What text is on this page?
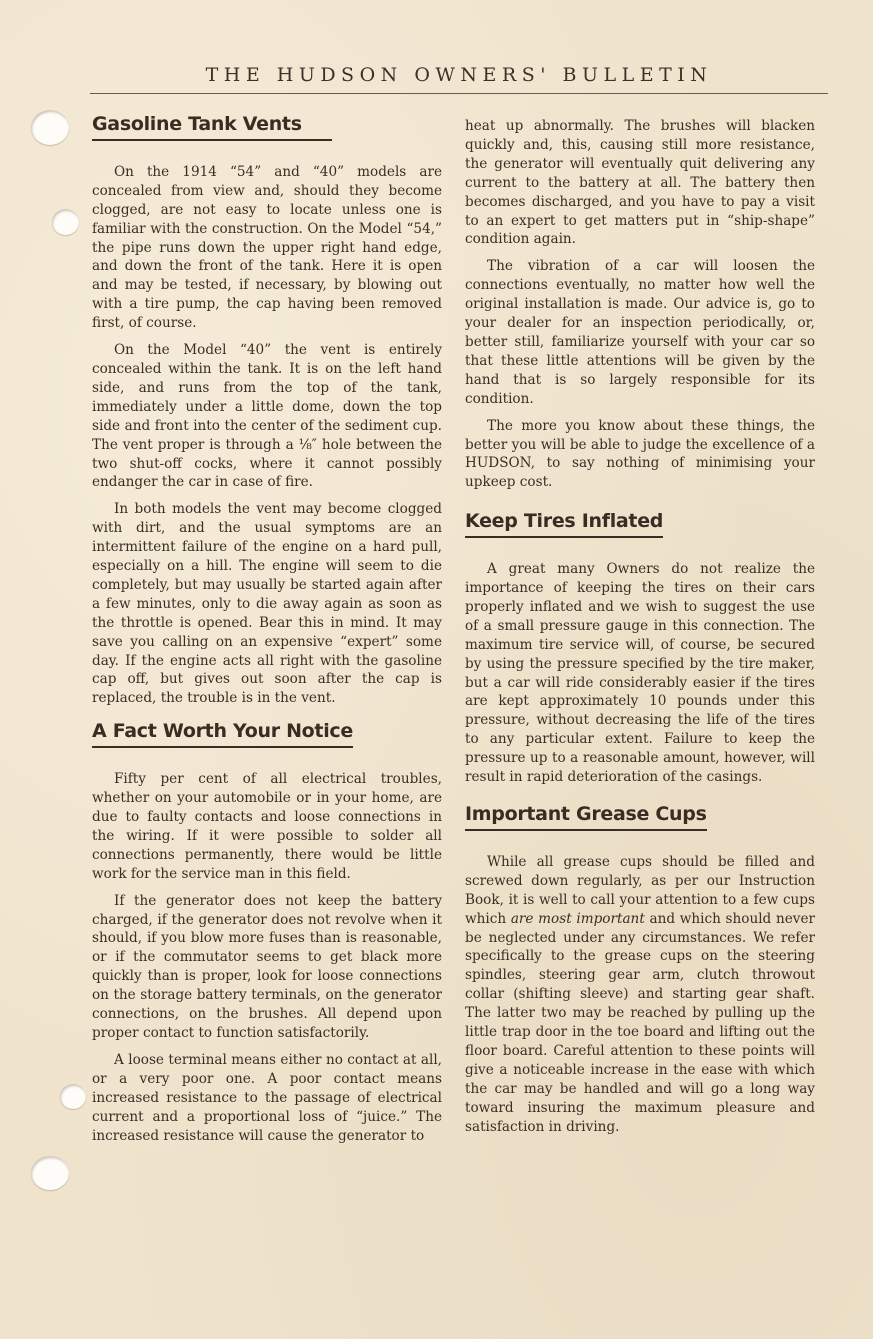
THE HUDSON OWNERS' BULLETIN
Gasoline Tank Vents

On the 1914 “54” and “40” models are concealed from view and, should they become clogged, are not easy to locate unless one is familiar with the construction. On the Model “54,” the pipe runs down the upper right hand edge, and down the front of the tank. Here it is open and may be tested, if necessary, by blowing out with a tire pump, the cap having been removed first, of course.

On the Model “40” the vent is entirely concealed within the tank. It is on the left hand side, and runs from the top of the tank, immediately under a little dome, down the top side and front into the center of the sediment cup. The vent proper is through a ⅛″ hole between the two shut-off cocks, where it cannot possibly endanger the car in case of fire.

In both models the vent may become clogged with dirt, and the usual symptoms are an intermittent failure of the engine on a hard pull, especially on a hill. The engine will seem to die completely, but may usually be started again after a few minutes, only to die away again as soon as the throttle is opened. Bear this in mind. It may save you calling on an expensive “expert” some day. If the engine acts all right with the gasoline cap off, but gives out soon after the cap is replaced, the trouble is in the vent.

A Fact Worth Your Notice

Fifty per cent of all electrical troubles, whether on your automobile or in your home, are due to faulty contacts and loose connections in the wiring. If it were possible to solder all connections permanently, there would be little work for the service man in this field.

If the generator does not keep the battery charged, if the generator does not revolve when it should, if you blow more fuses than is reasonable, or if the commutator seems to get black more quickly than is proper, look for loose connections on the storage battery terminals, on the generator connections, on the brushes. All depend upon proper contact to function satisfactorily.

A loose terminal means either no contact at all, or a very poor one. A poor contact means increased resistance to the passage of electrical current and a proportional loss of “juice.” The increased resistance will cause the generator to

heat up abnormally. The brushes will blacken quickly and, this, causing still more resistance, the generator will eventually quit delivering any current to the battery at all. The battery then becomes discharged, and you have to pay a visit to an expert to get matters put in “ship-shape” condition again.

The vibration of a car will loosen the connections eventually, no matter how well the original installation is made. Our advice is, go to your dealer for an inspection periodically, or, better still, familiarize yourself with your car so that these little attentions will be given by the hand that is so largely responsible for its condition.

The more you know about these things, the better you will be able to judge the excellence of a HUDSON, to say nothing of minimising your upkeep cost.

Keep Tires Inflated

A great many Owners do not realize the importance of keeping the tires on their cars properly inflated and we wish to suggest the use of a small pressure gauge in this connection. The maximum tire service will, of course, be secured by using the pressure specified by the tire maker, but a car will ride considerably easier if the tires are kept approximately 10 pounds under this pressure, without decreasing the life of the tires to any particular extent. Failure to keep the pressure up to a reasonable amount, however, will result in rapid deterioration of the casings.

Important Grease Cups

While all grease cups should be filled and screwed down regularly, as per our Instruction Book, it is well to call your attention to a few cups which are most important and which should never be neglected under any circumstances. We refer specifically to the grease cups on the steering spindles, steering gear arm, clutch throwout collar (shifting sleeve) and starting gear shaft. The latter two may be reached by pulling up the little trap door in the toe board and lifting out the floor board. Careful attention to these points will give a noticeable increase in the ease with which the car may be handled and will go a long way toward insuring the maximum pleasure and satisfaction in driving.
